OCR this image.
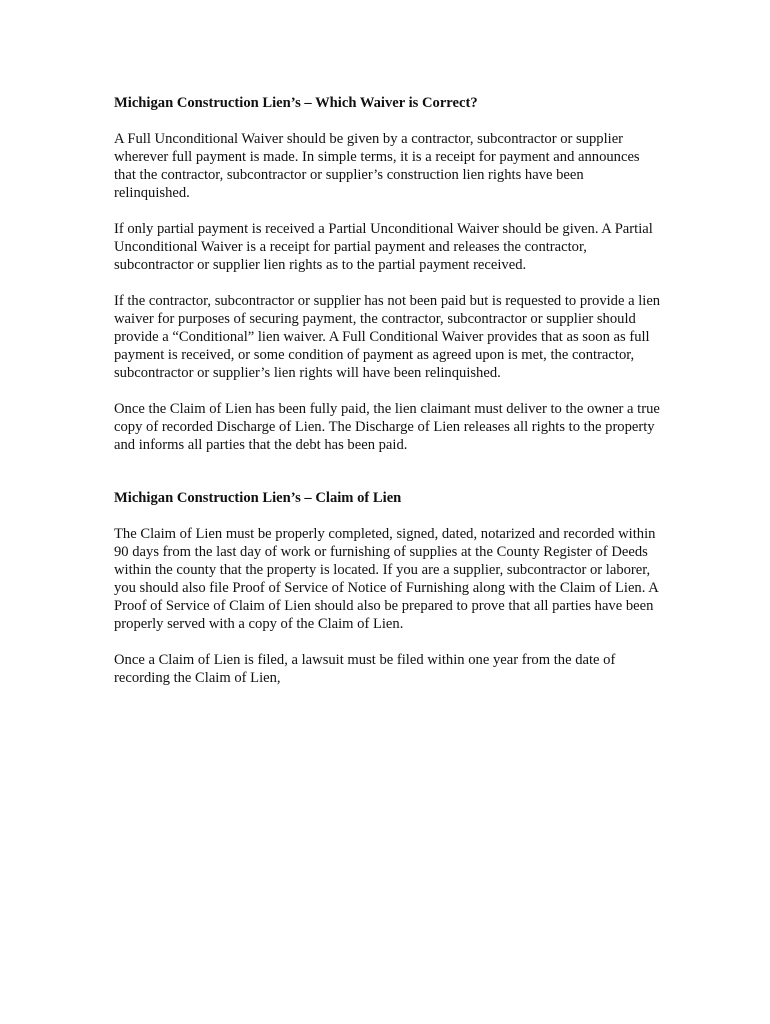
Michigan Construction Lien’s – Which Waiver is Correct?
A Full Unconditional Waiver should be given by a contractor, subcontractor or supplier wherever full payment is made. In simple terms, it is a receipt for payment and announces that the contractor, subcontractor or supplier’s construction lien rights have been relinquished.
If only partial payment is received a Partial Unconditional Waiver should be given. A Partial Unconditional Waiver is a receipt for partial payment and releases the contractor, subcontractor or supplier lien rights as to the partial payment received.
If the contractor, subcontractor or supplier has not been paid but is requested to provide a lien waiver for purposes of securing payment, the contractor, subcontractor or supplier should provide a “Conditional” lien waiver. A Full Conditional Waiver provides that as soon as full payment is received, or some condition of payment as agreed upon is met, the contractor, subcontractor or supplier’s lien rights will have been relinquished.
Once the Claim of Lien has been fully paid, the lien claimant must deliver to the owner a true copy of recorded Discharge of Lien. The Discharge of Lien releases all rights to the property and informs all parties that the debt has been paid.
Michigan Construction Lien’s – Claim of Lien
The Claim of Lien must be properly completed, signed, dated, notarized and recorded within 90 days from the last day of work or furnishing of supplies at the County Register of Deeds within the county that the property is located. If you are a supplier, subcontractor or laborer, you should also file Proof of Service of Notice of Furnishing along with the Claim of Lien. A Proof of Service of Claim of Lien should also be prepared to prove that all parties have been properly served with a copy of the Claim of Lien.
Once a Claim of Lien is filed, a lawsuit must be filed within one year from the date of recording the Claim of Lien,
